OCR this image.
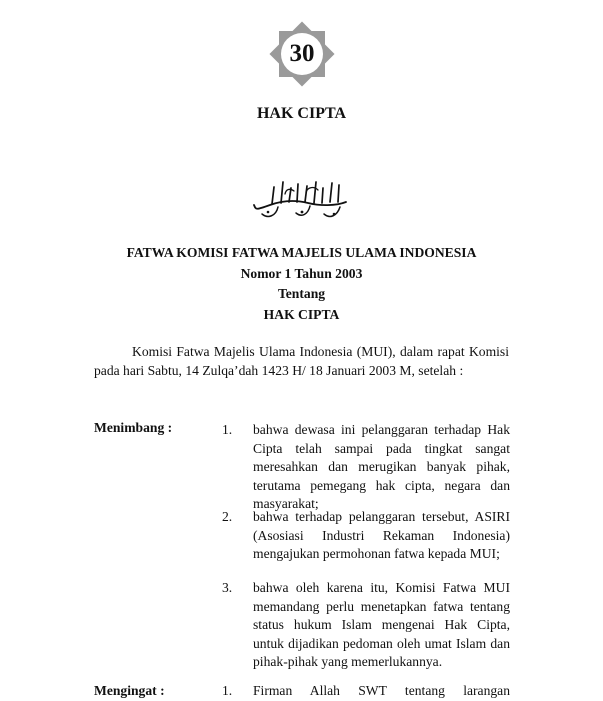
30
HAK CIPTA
FATWA KOMISI FATWA MAJELIS ULAMA INDONESIA
Nomor 1 Tahun 2003
Tentang
HAK CIPTA
Komisi Fatwa Majelis Ulama Indonesia (MUI), dalam rapat Komisi pada hari Sabtu, 14 Zulqa’dah 1423 H/ 18 Januari 2003 M, setelah :
Menimbang :	1.	bahwa dewasa ini pelanggaran terhadap Hak Cipta telah sampai pada tingkat sangat meresahkan dan merugikan banyak pihak, terutama pemegang hak cipta, negara dan masyarakat;
2.	bahwa terhadap pelanggaran tersebut, ASIRI (Asosiasi Industri Rekaman Indonesia) mengajukan permohonan fatwa kepada MUI;
3.	bahwa oleh karena itu, Komisi Fatwa MUI memandang perlu menetapkan fatwa tentang status hukum Islam mengenai Hak Cipta, untuk dijadikan pedoman oleh umat Islam dan pihak-pihak yang memerlukannya.
Mengingat :	1.	Firman Allah SWT tentang larangan
